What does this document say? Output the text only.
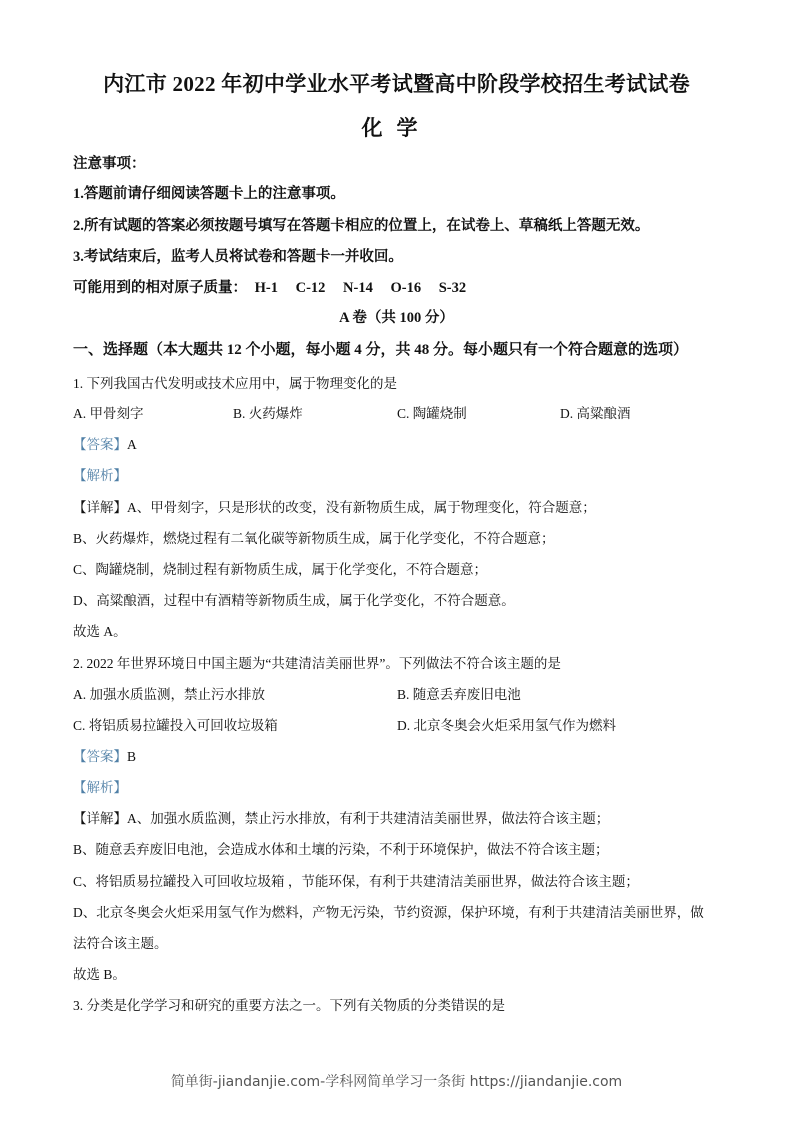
内江市 2022 年初中学业水平考试暨高中阶段学校招生考试试卷
化学
注意事项：
1.答题前请仔细阅读答题卡上的注意事项。
2.所有试题的答案必须按题号填写在答题卡相应的位置上，在试卷上、草稿纸上答题无效。
3.考试结束后，监考人员将试卷和答题卡一并收回。
可能用到的相对原子质量： H-1 C-12 N-14 O-16 S-32
A 卷（共 100 分）
一、选择题（本大题共 12 个小题，每小题 4 分，共 48 分。每小题只有一个符合题意的选项）
1. 下列我国古代发明或技术应用中，属于物理变化的是
A. 甲骨刻字	B. 火药爆炸	C. 陶罐烧制	D. 高粱酿酒
【答案】A
【解析】
【详解】A、甲骨刻字，只是形状的改变，没有新物质生成，属于物理变化，符合题意；
B、火药爆炸，燃烧过程有二氧化碳等新物质生成，属于化学变化，不符合题意；
C、陶罐烧制，烧制过程有新物质生成，属于化学变化，不符合题意；
D、高粱酿酒，过程中有酒精等新物质生成，属于化学变化，不符合题意。
故选 A。
2. 2022 年世界环境日中国主题为“共建清洁美丽世界”。下列做法不符合该主题的是
A. 加强水质监测，禁止污水排放	B. 随意丢弃废旧电池
C. 将铝质易拉罐投入可回收垃圾箱	D. 北京冬奥会火炬采用氢气作为燃料
【答案】B
【解析】
【详解】A、加强水质监测，禁止污水排放，有利于共建清洁美丽世界，做法符合该主题；
B、随意丢弃废旧电池，会造成水体和土壤的污染，不利于环境保护，做法不符合该主题；
C、将铝质易拉罐投入可回收垃圾箱 ，节能环保，有利于共建清洁美丽世界，做法符合该主题；
D、北京冬奥会火炬采用氢气作为燃料，产物无污染，节约资源，保护环境，有利于共建清洁美丽世界，做
法符合该主题。
故选 B。
3. 分类是化学学习和研究的重要方法之一。下列有关物质的分类错误的是
简单街-jiandanjie.com-学科网简单学习一条街 https://jiandanjie.com
